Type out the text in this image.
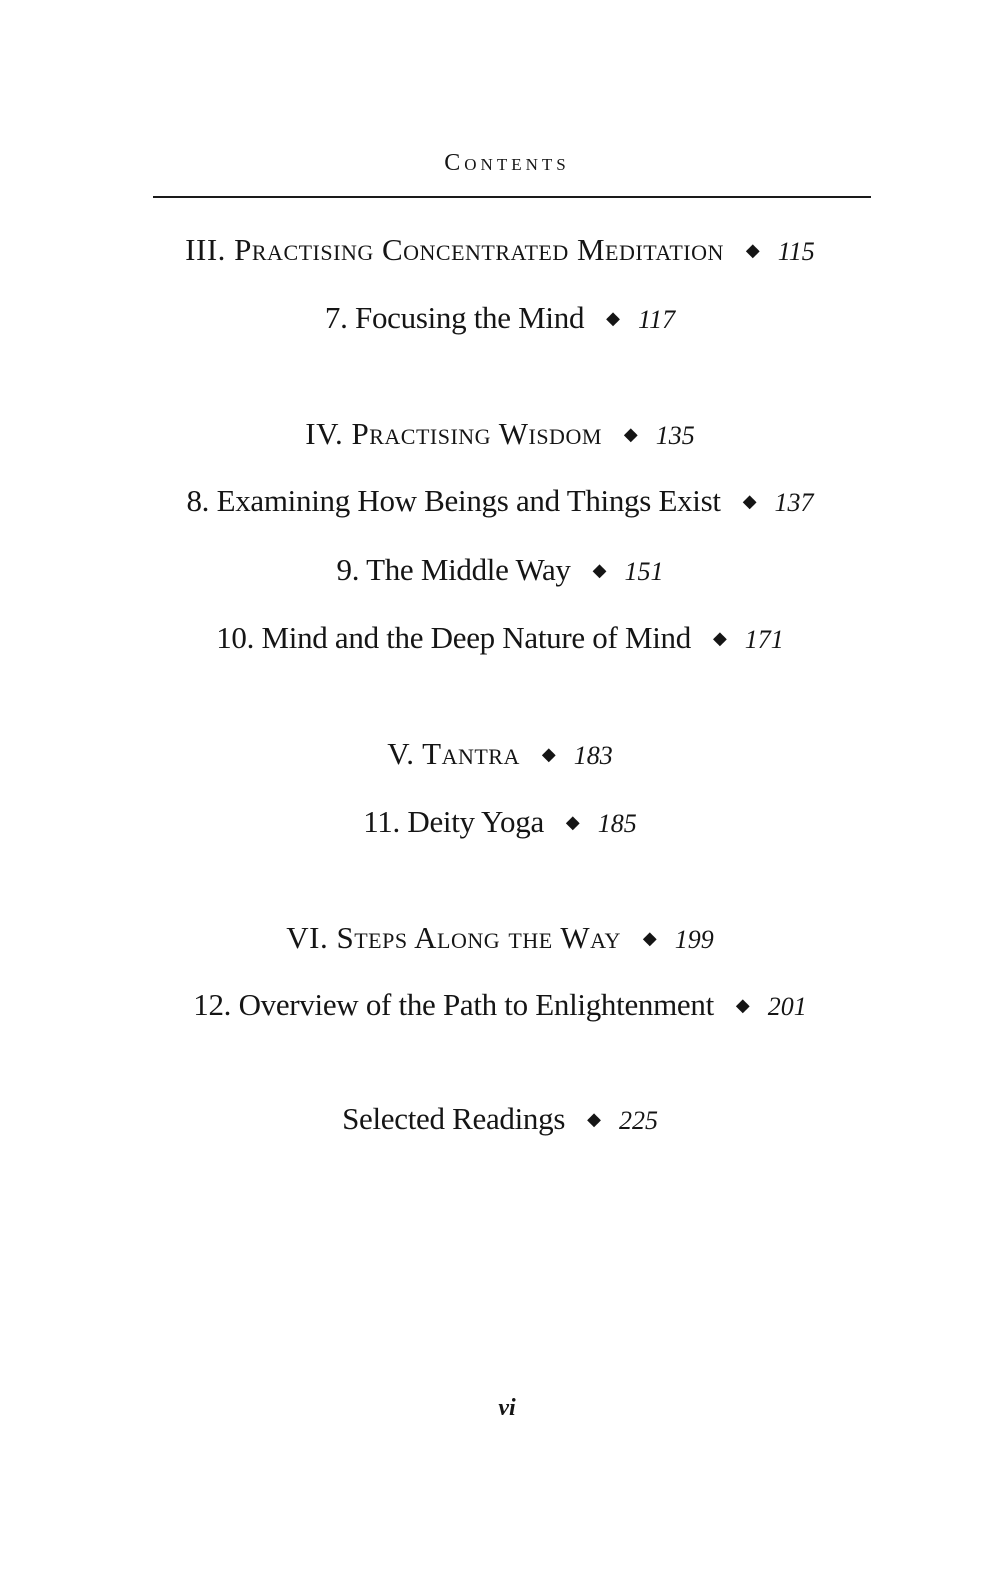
Contents
III. Practising Concentrated Meditation ◆ 115
7. Focusing the Mind ◆ 117
IV. Practising Wisdom ◆ 135
8. Examining How Beings and Things Exist ◆ 137
9. The Middle Way ◆ 151
10. Mind and the Deep Nature of Mind ◆ 171
V. Tantra ◆ 183
11. Deity Yoga ◆ 185
VI. Steps Along the Way ◆ 199
12. Overview of the Path to Enlightenment ◆ 201
Selected Readings ◆ 225
vi
